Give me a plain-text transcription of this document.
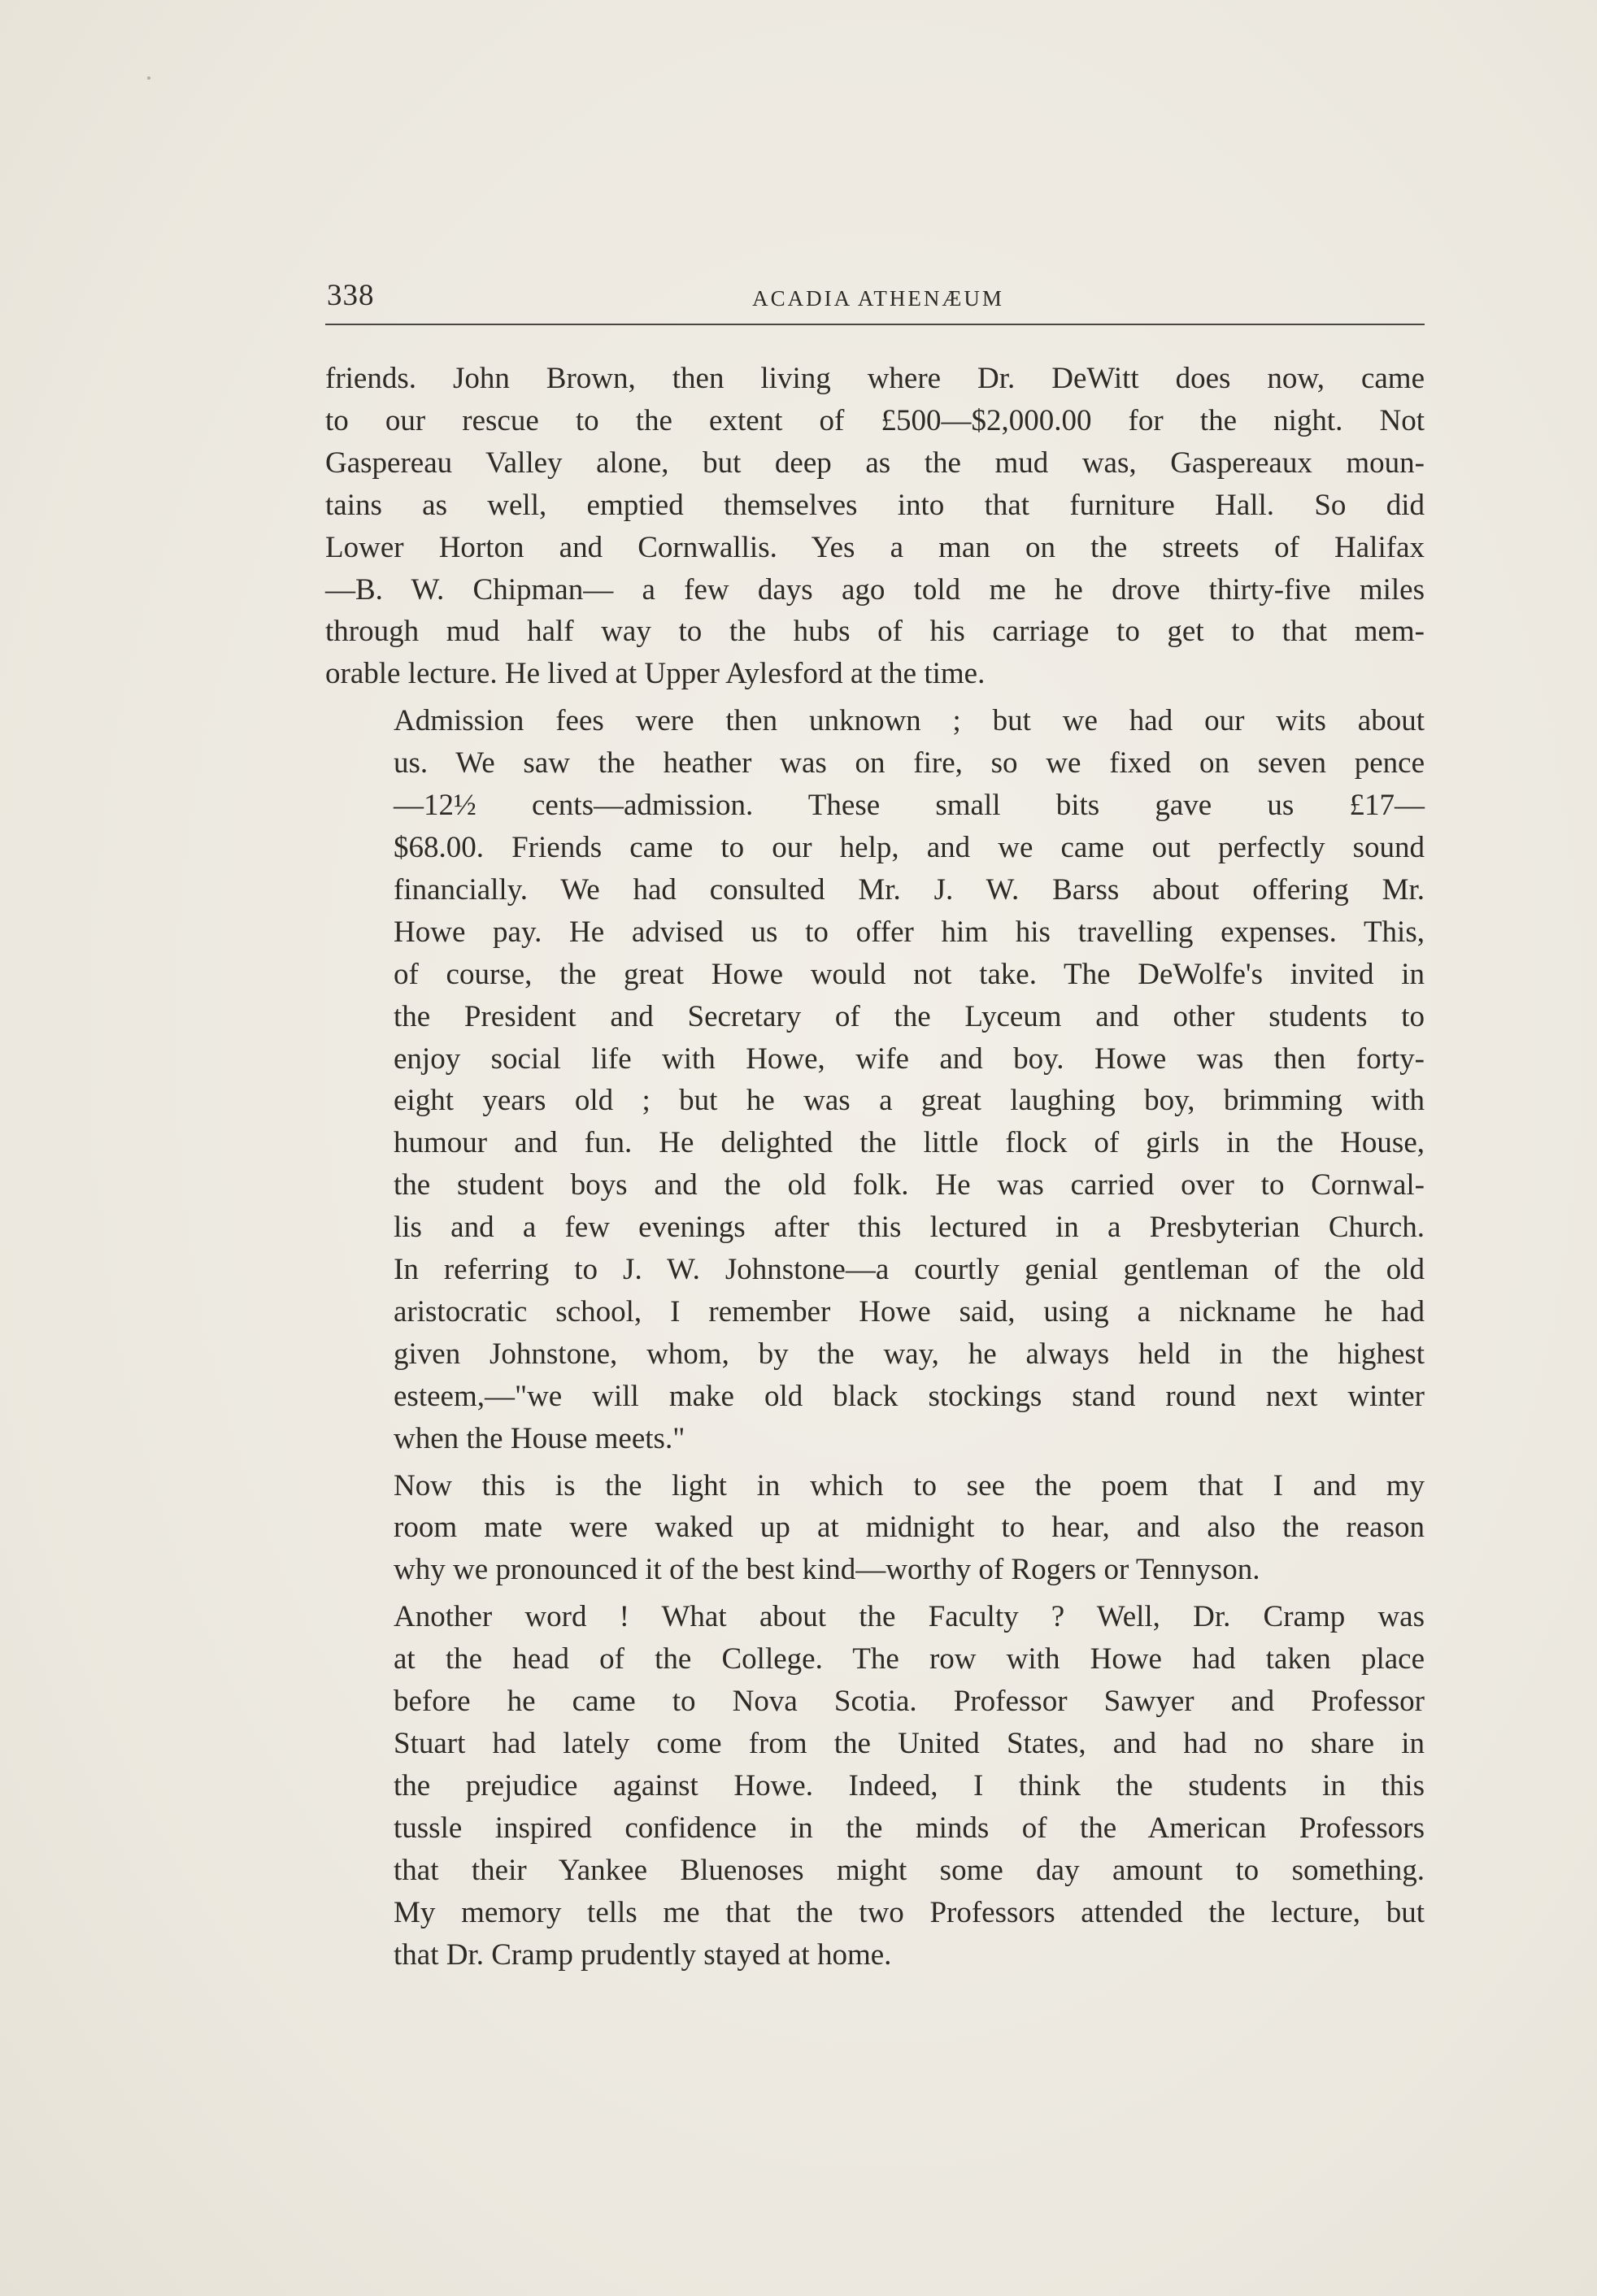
338	ACADIA ATHENÆUM
friends. John Brown, then living where Dr. DeWitt does now, came
to our rescue to the extent of £500—$2,000.00 for the night. Not
Gaspereau Valley alone, but deep as the mud was, Gaspereaux moun-
tains as well, emptied themselves into that furniture Hall. So did
Lower Horton and Cornwallis. Yes a man on the streets of Halifax
—B. W. Chipman— a few days ago told me he drove thirty-five miles
through mud half way to the hubs of his carriage to get to that mem-
orable lecture. He lived at Upper Aylesford at the time.
Admission fees were then unknown ; but we had our wits about
us. We saw the heather was on fire, so we fixed on seven pence
—12½ cents—admission. These small bits gave us £17—
$68.00. Friends came to our help, and we came out perfectly sound
financially. We had consulted Mr. J. W. Barss about offering Mr.
Howe pay. He advised us to offer him his travelling expenses. This,
of course, the great Howe would not take. The DeWolfe's invited in
the President and Secretary of the Lyceum and other students to
enjoy social life with Howe, wife and boy. Howe was then forty-
eight years old ; but he was a great laughing boy, brimming with
humour and fun. He delighted the little flock of girls in the House,
the student boys and the old folk. He was carried over to Cornwal-
lis and a few evenings after this lectured in a Presbyterian Church.
In referring to J. W. Johnstone—a courtly genial gentleman of the old
aristocratic school, I remember Howe said, using a nickname he had
given Johnstone, whom, by the way, he always held in the highest
esteem,—"we will make old black stockings stand round next winter
when the House meets."
Now this is the light in which to see the poem that I and my
room mate were waked up at midnight to hear, and also the reason
why we pronounced it of the best kind—worthy of Rogers or Tennyson.
Another word ! What about the Faculty ? Well, Dr. Cramp was
at the head of the College. The row with Howe had taken place
before he came to Nova Scotia. Professor Sawyer and Professor
Stuart had lately come from the United States, and had no share in
the prejudice against Howe. Indeed, I think the students in this
tussle inspired confidence in the minds of the American Professors
that their Yankee Bluenoses might some day amount to something.
My memory tells me that the two Professors attended the lecture, but
that Dr. Cramp prudently stayed at home.
